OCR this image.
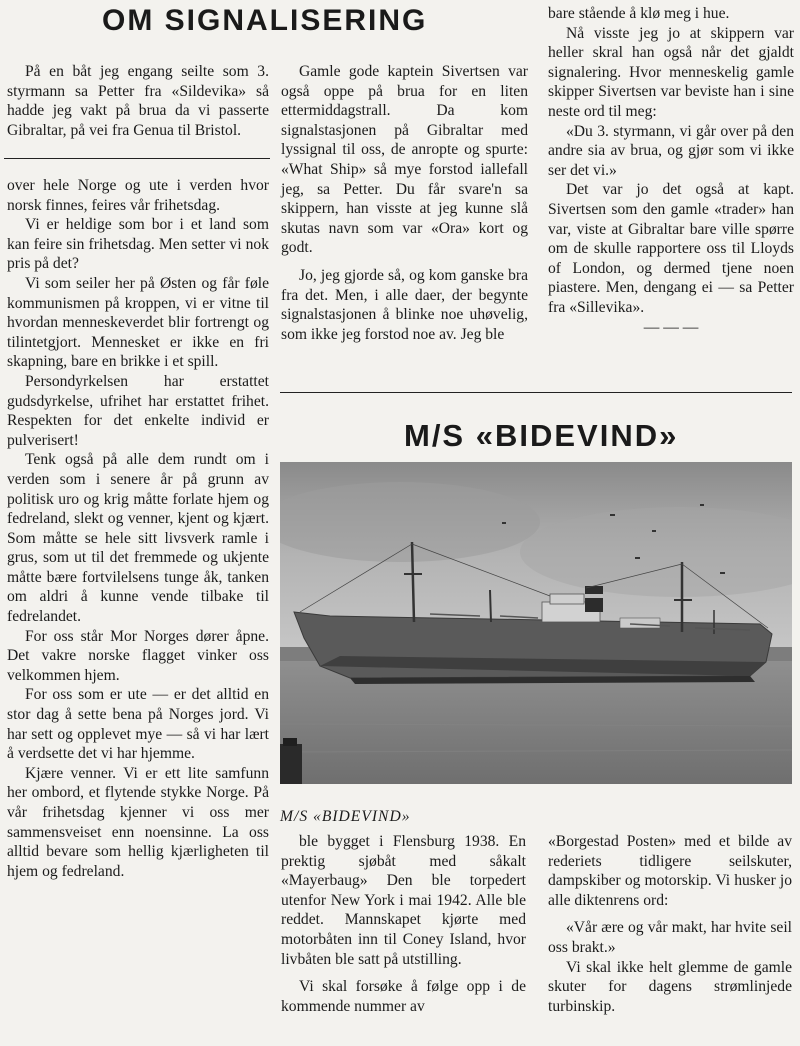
OM SIGNALISERING

På en båt jeg engang seilte som 3. styrmann sa Petter fra «Sildevika» så hadde jeg vakt på brua da vi passerte Gibraltar, på vei fra Genua til Bristol.

Gamle gode kaptein Sivertsen var også oppe på brua for en liten ettermiddagstrall. Da kom signalstasjonen på Gibraltar med lyssignal til oss, de anropte og spurte: «What Ship» så mye forstod iallefall jeg, sa Petter. Du får svare'n sa skippern, han visste at jeg kunne slå skutas navn som var «Ora» kort og godt.

Jo, jeg gjorde så, og kom ganske bra fra det. Men, i alle daer, der begynte signalstasjonen å blinke noe uhøvelig, som ikke jeg forstod noe av. Jeg ble

bare stående å klø meg i hue.

Nå visste jeg jo at skippern var heller skral han også når det gjaldt signalering. Hvor menneskelig gamle skipper Sivertsen var beviste han i sine neste ord til meg:

«Du 3. styrmann, vi går over på den andre sia av brua, og gjør som vi ikke ser det vi.»

Det var jo det også at kapt. Sivertsen som den gamle «trader» han var, viste at Gibraltar bare ville spørre om de skulle rapportere oss til Lloyds of London, og dermed tjene noen piastere. Men, dengang ei — sa Petter fra «Sillevika».

— — —

over hele Norge og ute i verden hvor norsk finnes, feires vår frihetsdag.

Vi er heldige som bor i et land som kan feire sin frihetsdag. Men setter vi nok pris på det?

Vi som seiler her på Østen og får føle kommunismen på kroppen, vi er vitne til hvordan menneskeverdet blir fortrengt og tilintetgjort. Mennesket er ikke en fri skapning, bare en brikke i et spill.

Persondyrkelsen har erstattet gudsdyrkelse, ufrihet har erstattet frihet. Respekten for det enkelte individ er pulverisert!

Tenk også på alle dem rundt om i verden som i senere år på grunn av politisk uro og krig måtte forlate hjem og fedreland, slekt og venner, kjent og kjært. Som måtte se hele sitt livsverk ramle i grus, som ut til det fremmede og ukjente måtte bære fortvilelsens tunge åk, tanken om aldri å kunne vende tilbake til fedrelandet.

For oss står Mor Norges dører åpne. Det vakre norske flagget vinker oss velkommen hjem.

For oss som er ute — er det alltid en stor dag å sette bena på Norges jord. Vi har sett og opplevet mye — så vi har lært å verdsette det vi har hjemme.

Kjære venner. Vi er ett lite samfunn her ombord, et flytende stykke Norge. På vår frihetsdag kjenner vi oss mer sammensveiset enn noensinne. La oss alltid bevare som hellig kjærligheten til hjem og fedreland.

M/S «BIDEVIND»
M/S «BIDEVIND»

ble bygget i Flensburg 1938. En prektig sjøbåt med såkalt «Mayerbaug» Den ble torpedert utenfor New York i mai 1942. Alle ble reddet. Mannskapet kjørte med motorbåten inn til Coney Island, hvor livbåten ble satt på utstilling.

Vi skal forsøke å følge opp i de kommende nummer av

«Borgestad Posten» med et bilde av rederiets tidligere seilskuter, dampskiber og motorskip. Vi husker jo alle diktenrens ord:

«Vår ære og vår makt, har hvite seil oss brakt.»

Vi skal ikke helt glemme de gamle skuter for dagens strømlinjede turbinskip.
